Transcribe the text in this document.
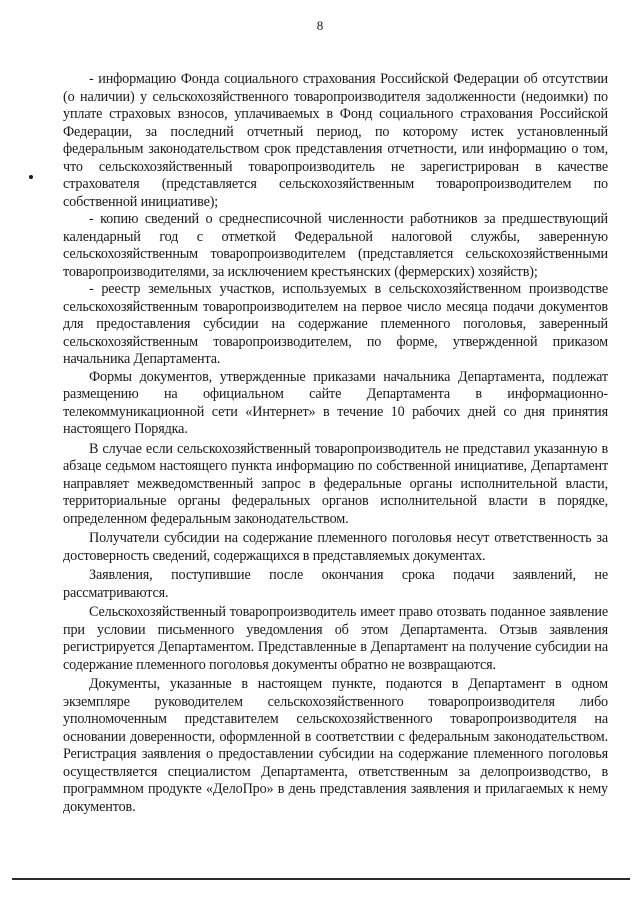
8

- информацию Фонда социального страхования Российской Федерации об отсутствии (о наличии) у сельскохозяйственного товаропроизводителя задолженности (недоимки) по уплате страховых взносов, уплачиваемых в Фонд социального страхования Российской Федерации, за последний отчетный период, по которому истек установленный федеральным законодательством срок представления отчетности, или информацию о том, что сельскохозяйственный товаропроизводитель не зарегистрирован в качестве страхователя (представляется сельскохозяйственным товаропроизводителем по собственной инициативе);

- копию сведений о среднесписочной численности работников за предшествующий календарный год с отметкой Федеральной налоговой службы, заверенную сельскохозяйственным товаропроизводителем (представляется сельскохозяйственными товаропроизводителями, за исключением крестьянских (фермерских) хозяйств);

- реестр земельных участков, используемых в сельскохозяйственном производстве сельскохозяйственным товаропроизводителем на первое число месяца подачи документов для предоставления субсидии на содержание племенного поголовья, заверенный сельскохозяйственным товаропроизводителем, по форме, утвержденной приказом начальника Департамента.

Формы документов, утвержденные приказами начальника Департамента, подлежат размещению на официальном сайте Департамента в информационно-телекоммуникационной сети «Интернет» в течение 10 рабочих дней со дня принятия настоящего Порядка.

В случае если сельскохозяйственный товаропроизводитель не представил указанную в абзаце седьмом настоящего пункта информацию по собственной инициативе, Департамент направляет межведомственный запрос в федеральные органы исполнительной власти, территориальные органы федеральных органов исполнительной власти в порядке, определенном федеральным законодательством.

Получатели субсидии на содержание племенного поголовья несут ответственность за достоверность сведений, содержащихся в представляемых документах.

Заявления, поступившие после окончания срока подачи заявлений, не рассматриваются.

Сельскохозяйственный товаропроизводитель имеет право отозвать поданное заявление при условии письменного уведомления об этом Департамента. Отзыв заявления регистрируется Департаментом. Представленные в Департамент на получение субсидии на содержание племенного поголовья документы обратно не возвращаются.

Документы, указанные в настоящем пункте, подаются в Департамент в одном экземпляре руководителем сельскохозяйственного товаропроизводителя либо уполномоченным представителем сельскохозяйственного товаропроизводителя на основании доверенности, оформленной в соответствии с федеральным законодательством. Регистрация заявления о предоставлении субсидии на содержание племенного поголовья осуществляется специалистом Департамента, ответственным за делопроизводство, в программном продукте «ДелоПро» в день представления заявления и прилагаемых к нему документов.
